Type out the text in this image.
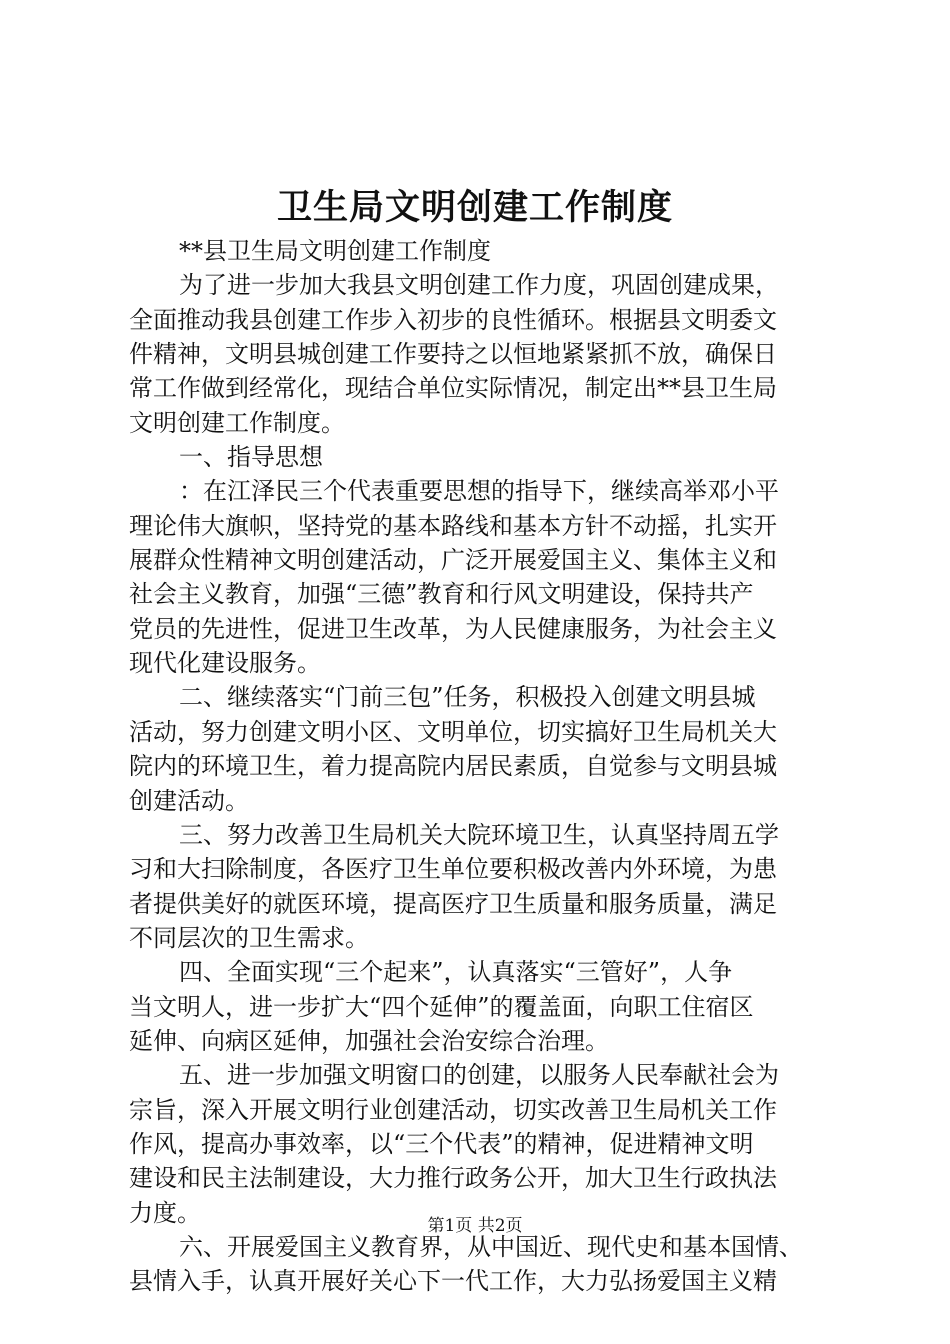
卫生局文明创建工作制度
**县卫生局文明创建工作制度
为了进一步加大我县文明创建工作力度，巩固创建成果，
全面推动我县创建工作步入初步的良性循环。根据县文明委文
件精神，文明县城创建工作要持之以恒地紧紧抓不放，确保日
常工作做到经常化，现结合单位实际情况，制定出**县卫生局
文明创建工作制度。
一、指导思想
：在江泽民三个代表重要思想的指导下，继续高举邓小平
理论伟大旗帜，坚持党的基本路线和基本方针不动摇，扎实开
展群众性精神文明创建活动，广泛开展爱国主义、集体主义和
社会主义教育，加强“三德”教育和行风文明建设，保持共产
党员的先进性，促进卫生改革，为人民健康服务，为社会主义
现代化建设服务。
二、继续落实“门前三包”任务，积极投入创建文明县城
活动，努力创建文明小区、文明单位，切实搞好卫生局机关大
院内的环境卫生，着力提高院内居民素质，自觉参与文明县城
创建活动。
三、努力改善卫生局机关大院环境卫生，认真坚持周五学
习和大扫除制度，各医疗卫生单位要积极改善内外环境，为患
者提供美好的就医环境，提高医疗卫生质量和服务质量，满足
不同层次的卫生需求。
四、全面实现“三个起来”，认真落实“三管好”，人争
当文明人，进一步扩大“四个延伸”的覆盖面，向职工住宿区
延伸、向病区延伸，加强社会治安综合治理。
五、进一步加强文明窗口的创建，以服务人民奉献社会为
宗旨，深入开展文明行业创建活动，切实改善卫生局机关工作
作风，提高办事效率，以“三个代表”的精神，促进精神文明
建设和民主法制建设，大力推行政务公开，加大卫生行政执法
力度。
六、开展爱国主义教育界，从中国近、现代史和基本国情、
县情入手，认真开展好关心下一代工作，大力弘扬爱国主义精
第1页 共2页
